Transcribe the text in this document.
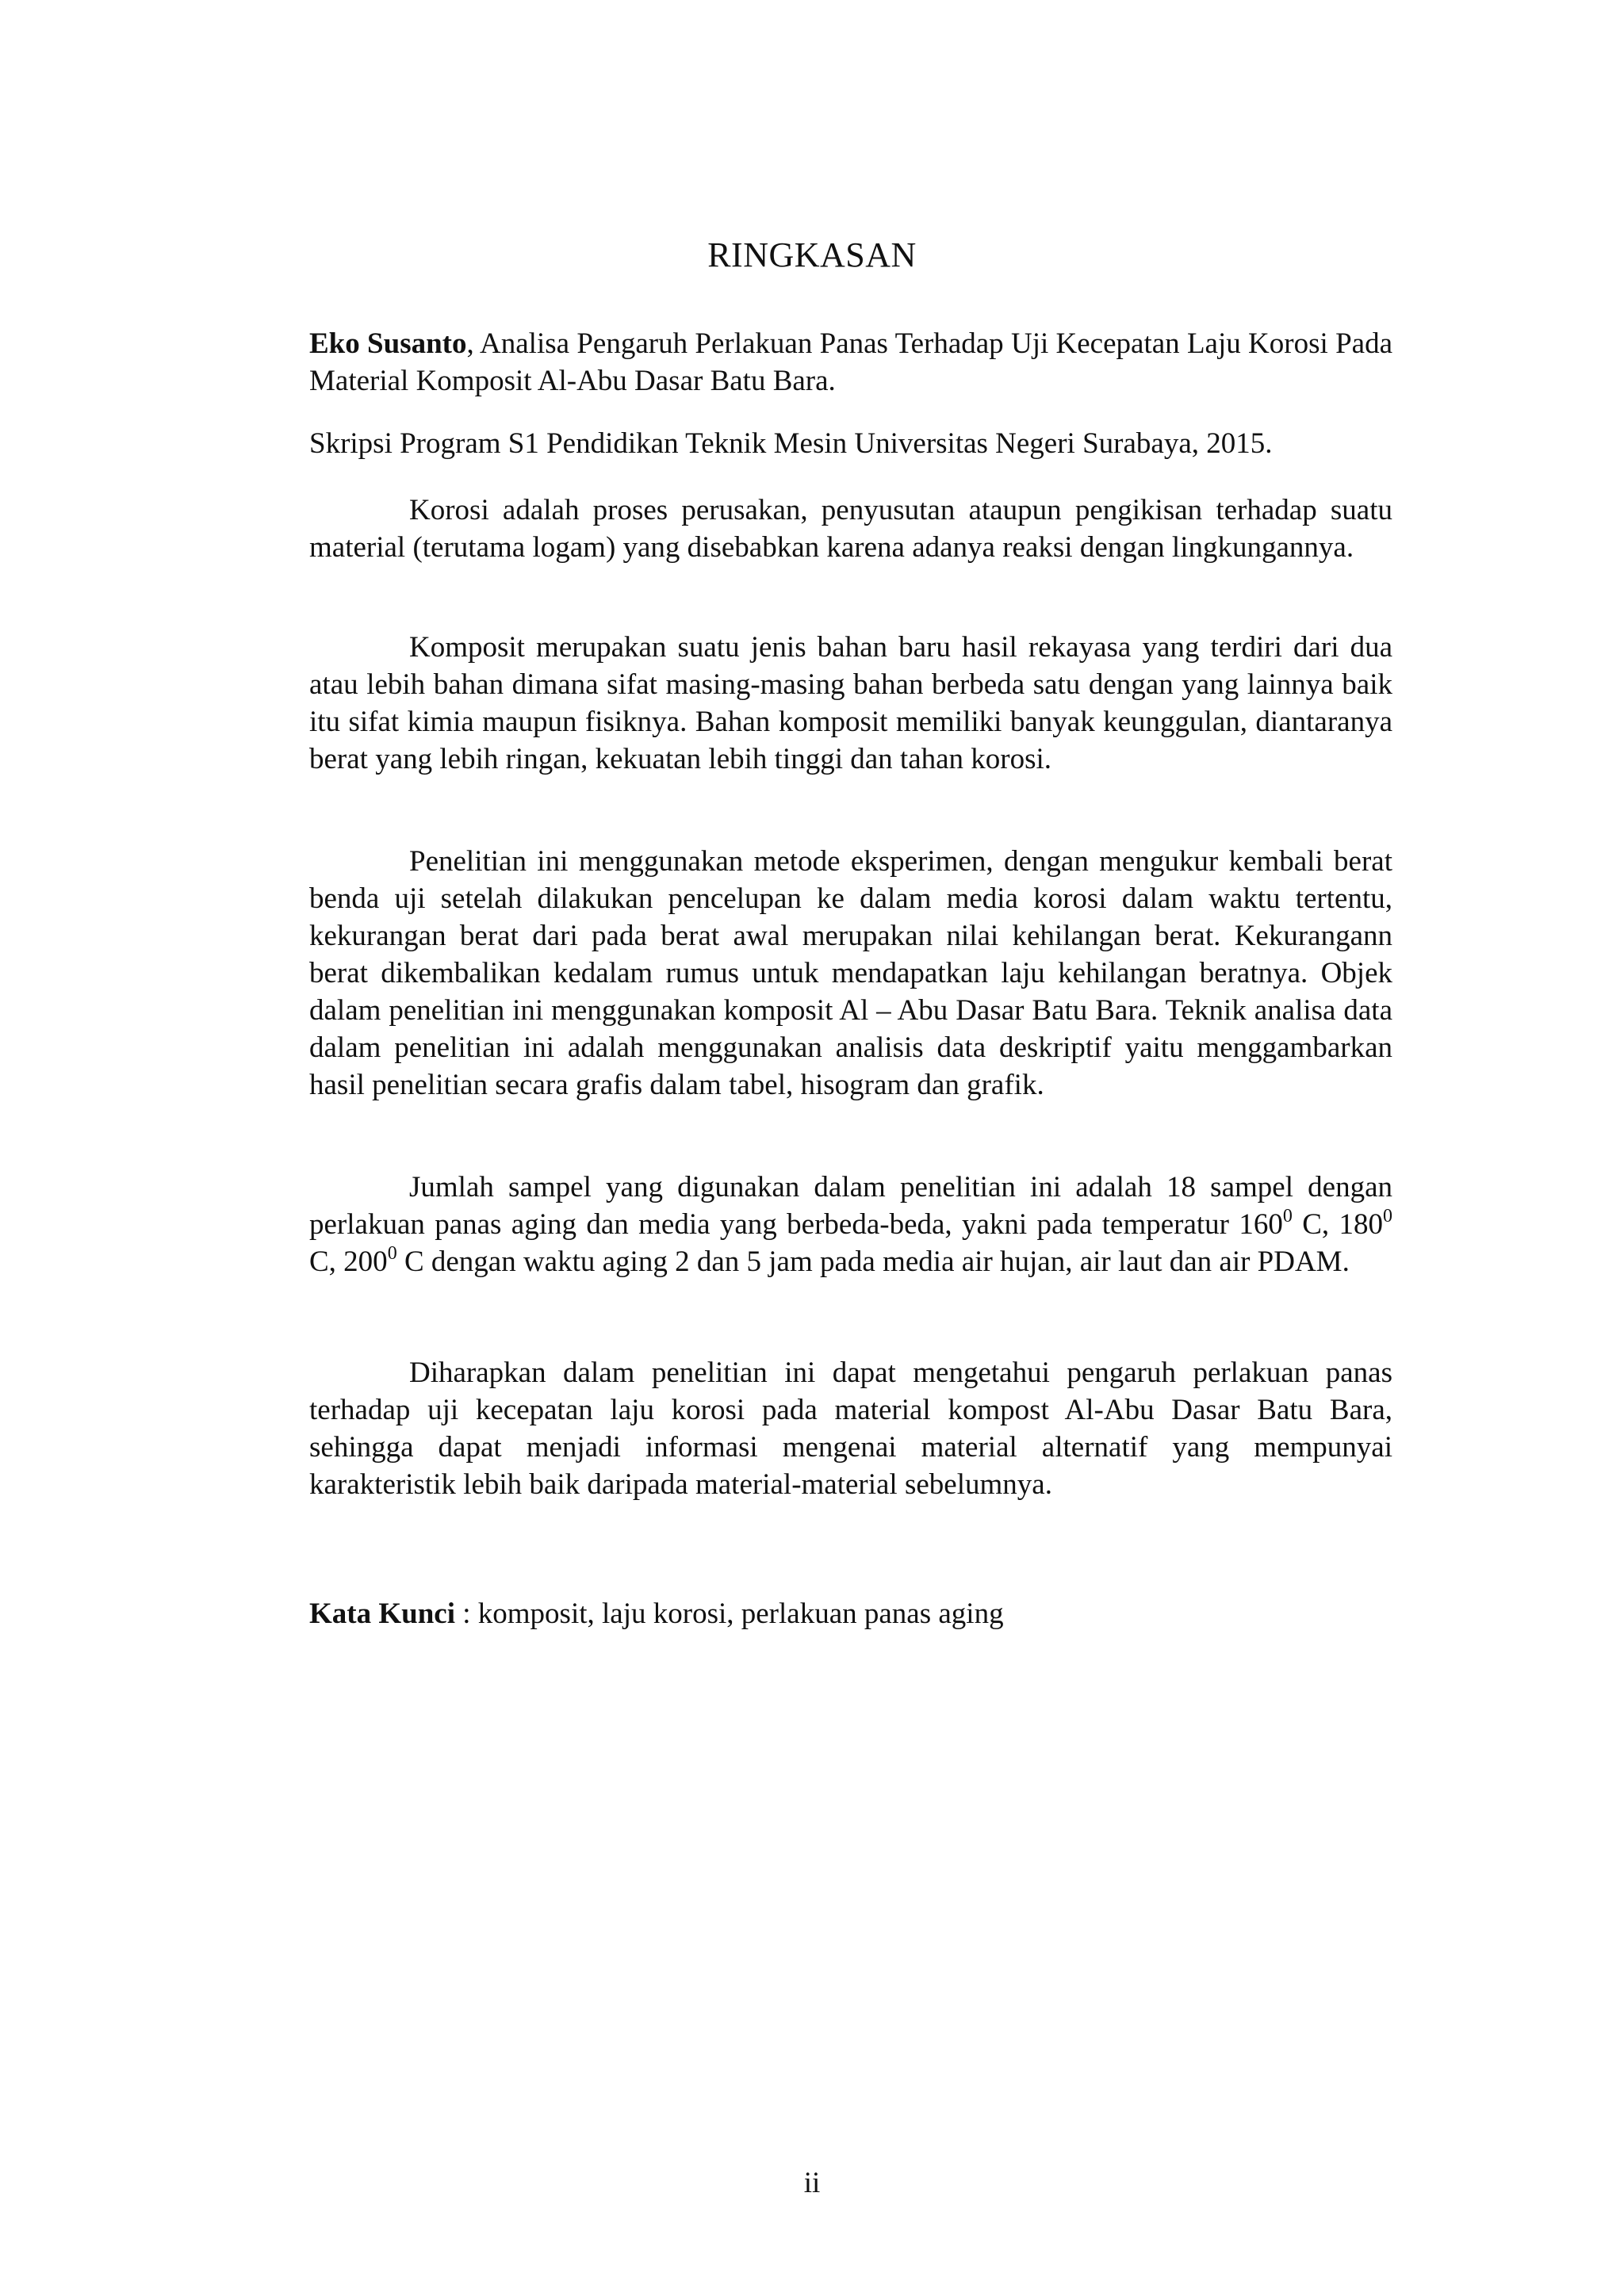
RINGKASAN

Eko Susanto, Analisa Pengaruh Perlakuan Panas Terhadap Uji Kecepatan Laju Korosi Pada Material Komposit Al-Abu Dasar Batu Bara.

Skripsi Program S1 Pendidikan Teknik Mesin Universitas Negeri Surabaya, 2015.

Korosi adalah proses perusakan, penyusutan ataupun pengikisan terhadap suatu material (terutama logam) yang disebabkan karena adanya reaksi dengan lingkungannya.

Komposit merupakan suatu jenis bahan baru hasil rekayasa yang terdiri dari dua atau lebih bahan dimana sifat masing-masing bahan berbeda satu dengan yang lainnya baik itu sifat kimia maupun fisiknya. Bahan komposit memiliki banyak keunggulan, diantaranya berat yang lebih ringan, kekuatan lebih tinggi dan tahan korosi.

Penelitian ini menggunakan metode eksperimen, dengan mengukur kembali berat benda uji setelah dilakukan pencelupan ke dalam media korosi dalam waktu tertentu, kekurangan berat dari pada berat awal merupakan nilai kehilangan berat. Kekurangann berat dikembalikan kedalam rumus untuk mendapatkan laju kehilangan beratnya. Objek dalam penelitian ini menggunakan komposit Al – Abu Dasar Batu Bara. Teknik analisa data dalam penelitian ini adalah menggunakan analisis data deskriptif yaitu menggambarkan hasil penelitian secara grafis dalam tabel, hisogram dan grafik.

Jumlah sampel yang digunakan dalam penelitian ini adalah 18 sampel dengan perlakuan panas aging dan media yang berbeda-beda, yakni pada temperatur $160^0$ C, $180^0$ C, $200^0$ C dengan waktu aging 2 dan 5 jam pada media air hujan, air laut dan air PDAM.

Diharapkan dalam penelitian ini dapat mengetahui pengaruh perlakuan panas terhadap uji kecepatan laju korosi pada material kompost Al-Abu Dasar Batu Bara, sehingga dapat menjadi informasi mengenai material alternatif yang mempunyai karakteristik lebih baik daripada material-material sebelumnya.

Kata Kunci : komposit, laju korosi, perlakuan panas aging

ii
